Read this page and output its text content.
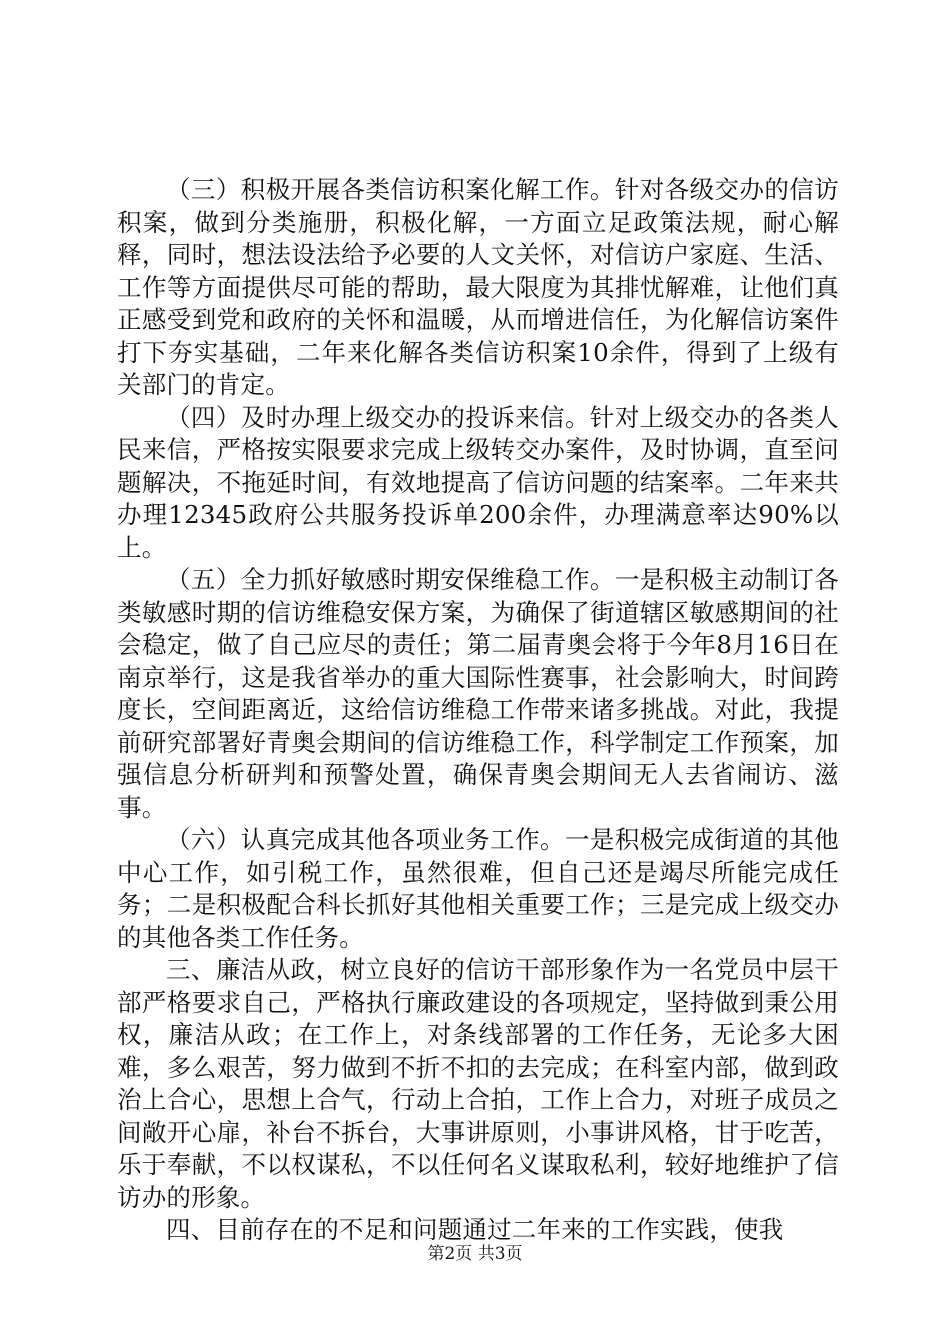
（三）积极开展各类信访积案化解工作。针对各级交办的信访积案，做到分类施册，积极化解，一方面立足政策法规，耐心解释，同时，想法设法给予必要的人文关怀，对信访户家庭、生活、工作等方面提供尽可能的帮助，最大限度为其排忧解难，让他们真正感受到党和政府的关怀和温暖，从而增进信任，为化解信访案件打下夯实基础，二年来化解各类信访积案10余件，得到了上级有关部门的肯定。

（四）及时办理上级交办的投诉来信。针对上级交办的各类人民来信，严格按实限要求完成上级转交办案件，及时协调，直至问题解决，不拖延时间，有效地提高了信访问题的结案率。二年来共办理12345政府公共服务投诉单200余件，办理满意率达90%以上。

（五）全力抓好敏感时期安保维稳工作。一是积极主动制订各类敏感时期的信访维稳安保方案，为确保了街道辖区敏感期间的社会稳定，做了自己应尽的责任；第二届青奥会将于今年8月16日在南京举行，这是我省举办的重大国际性赛事，社会影响大，时间跨度长，空间距离近，这给信访维稳工作带来诸多挑战。对此，我提前研究部署好青奥会期间的信访维稳工作，科学制定工作预案，加强信息分析研判和预警处置，确保青奥会期间无人去省闹访、滋事。

（六）认真完成其他各项业务工作。一是积极完成街道的其他中心工作，如引税工作，虽然很难，但自己还是竭尽所能完成任务；二是积极配合科长抓好其他相关重要工作；三是完成上级交办的其他各类工作任务。

三、廉洁从政，树立良好的信访干部形象作为一名党员中层干部严格要求自己，严格执行廉政建设的各项规定，坚持做到秉公用权，廉洁从政；在工作上，对条线部署的工作任务，无论多大困难，多么艰苦，努力做到不折不扣的去完成；在科室内部，做到政治上合心，思想上合气，行动上合拍，工作上合力，对班子成员之间敞开心扉，补台不拆台，大事讲原则，小事讲风格，甘于吃苦，乐于奉献，不以权谋私，不以任何名义谋取私利，较好地维护了信访办的形象。

四、目前存在的不足和问题通过二年来的工作实践，使我

第2页 共3页
